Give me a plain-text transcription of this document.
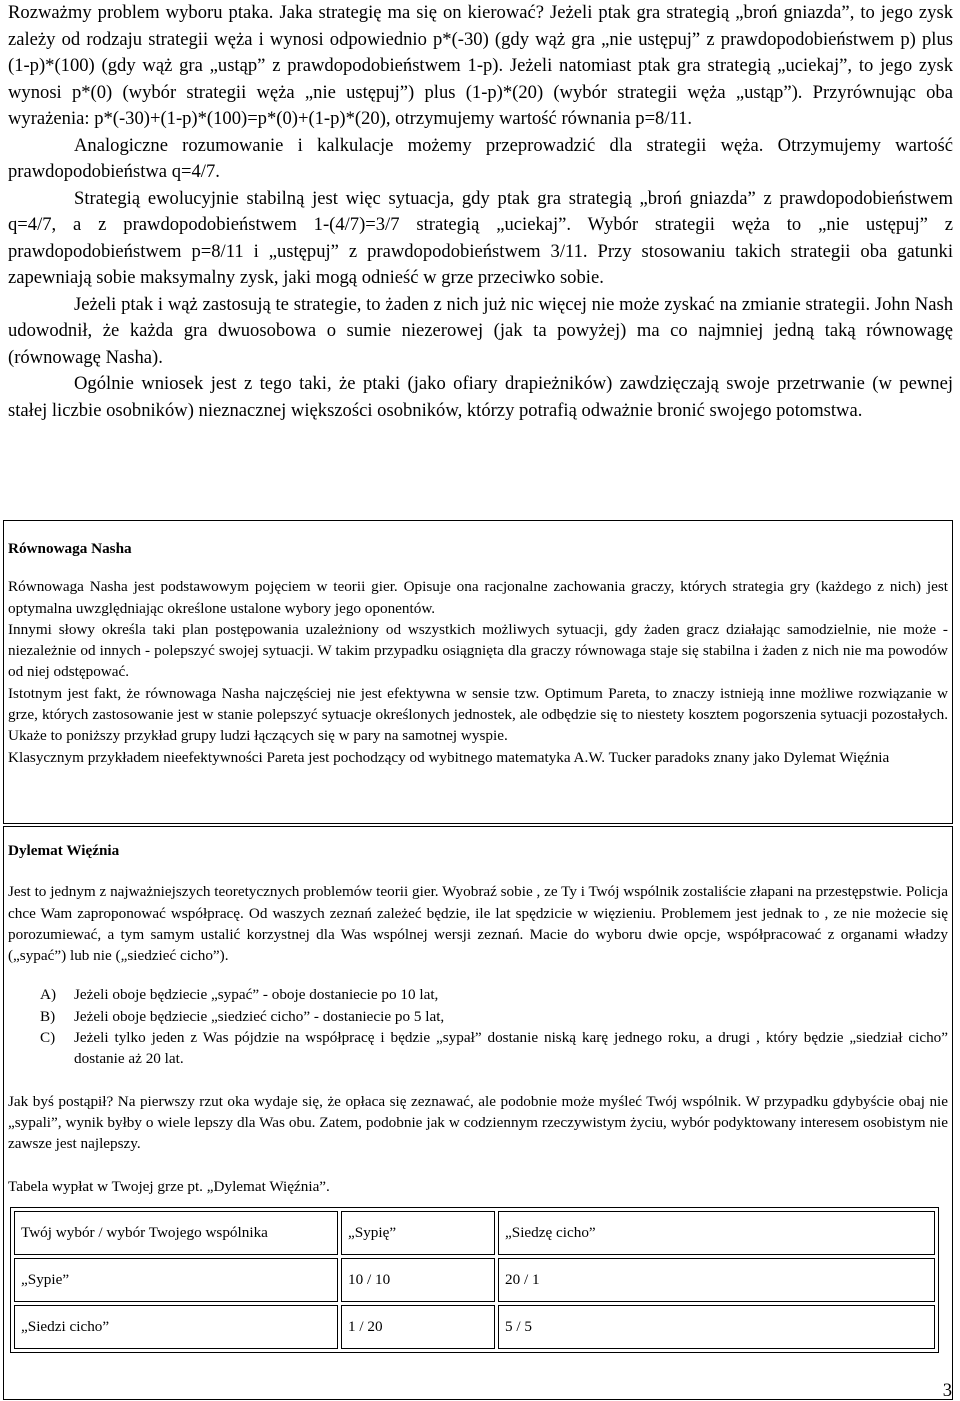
Rozważmy problem wyboru ptaka. Jaka strategię ma się on kierować? Jeżeli ptak gra strategią „broń gniazda”, to jego zysk zależy od rodzaju strategii węża i wynosi odpowiednio p*(-30) (gdy wąż gra „nie ustępuj” z prawdopodobieństwem p) plus (1-p)*(100) (gdy wąż gra „ustąp” z prawdopodobieństwem 1-p). Jeżeli natomiast ptak gra strategią „uciekaj”, to jego zysk wynosi p*(0) (wybór strategii węża „nie ustępuj”) plus (1-p)*(20) (wybór strategii węża „ustąp”). Przyrównując oba wyrażenia: p*(-30)+(1-p)*(100)=p*(0)+(1-p)*(20), otrzymujemy wartość równania p=8/11.

Analogiczne rozumowanie i kalkulacje możemy przeprowadzić dla strategii węża. Otrzymujemy wartość prawdopodobieństwa q=4/7.

Strategią ewolucyjnie stabilną jest więc sytuacja, gdy ptak gra strategią „broń gniazda” z prawdopodobieństwem q=4/7, a z prawdopodobieństwem 1-(4/7)=3/7 strategią „uciekaj”. Wybór strategii węża to „nie ustępuj” z prawdopodobieństwem p=8/11 i „ustępuj” z prawdopodobieństwem 3/11. Przy stosowaniu takich strategii oba gatunki zapewniają sobie maksymalny zysk, jaki mogą odnieść w grze przeciwko sobie.

Jeżeli ptak i wąż zastosują te strategie, to żaden z nich już nic więcej nie może zyskać na zmianie strategii. John Nash udowodnił, że każda gra dwuosobowa o sumie niezerowej (jak ta powyżej) ma co najmniej jedną taką równowagę (równowagę Nasha).

Ogólnie wniosek jest z tego taki, że ptaki (jako ofiary drapieżników) zawdzięczają swoje przetrwanie (w pewnej stałej liczbie osobników) nieznacznej większości osobników, którzy potrafią odważnie bronić swojego potomstwa.

Równowaga Nasha

Równowaga Nasha jest podstawowym pojęciem w teorii gier. Opisuje ona racjonalne zachowania graczy, których strategia gry (każdego z nich) jest optymalna uwzględniając określone ustalone wybory jego oponentów.

Innymi słowy określa taki plan postępowania uzależniony od wszystkich możliwych sytuacji, gdy żaden gracz działając samodzielnie, nie może - niezależnie od innych - polepszyć swojej sytuacji. W takim przypadku osiągnięta dla graczy równowaga staje się stabilna i żaden z nich nie ma powodów od niej odstępować.

Istotnym jest fakt, że równowaga Nasha najczęściej nie jest efektywna w sensie tzw. Optimum Pareta, to znaczy istnieją inne możliwe rozwiązanie w grze, których zastosowanie jest w stanie polepszyć sytuacje określonych jednostek, ale odbędzie się to niestety kosztem pogorszenia sytuacji pozostałych. Ukaże to poniższy przykład grupy ludzi łączących się w pary na samotnej wyspie.

Klasycznym przykładem nieefektywności Pareta jest pochodzący od wybitnego matematyka A.W. Tucker paradoks znany jako Dylemat Więźnia

Dylemat Więźnia

Jest to jednym z najważniejszych teoretycznych problemów teorii gier. Wyobraź sobie , ze Ty i Twój wspólnik zostaliście złapani na przestępstwie. Policja chce Wam zaproponować współpracę. Od waszych zeznań zależeć będzie, ile lat spędzicie w więzieniu. Problemem jest jednak to , ze nie możecie się porozumiewać, a tym samym ustalić korzystnej dla Was wspólnej wersji zeznań. Macie do wyboru dwie opcje, współpracować z organami władzy („sypać”) lub nie („siedzieć cicho”).

A) Jeżeli oboje będziecie „sypać” - oboje dostaniecie po 10 lat,
B) Jeżeli oboje będziecie „siedzieć cicho” - dostaniecie po 5 lat,
C) Jeżeli tylko jeden z Was pójdzie na współpracę i będzie „sypał” dostanie niską karę jednego roku, a drugi , który będzie „siedział cicho” dostanie aż 20 lat.

Jak byś postąpił? Na pierwszy rzut oka wydaje się, że opłaca się zeznawać, ale podobnie może myśleć Twój wspólnik. W przypadku gdybyście obaj nie „sypali”, wynik byłby o wiele lepszy dla Was obu. Zatem, podobnie jak w codziennym rzeczywistym życiu, wybór podyktowany interesem osobistym nie zawsze jest najlepszy.

Tabela wypłat w Twojej grze pt. „Dylemat Więźnia”.

Twój wybór / wybór Twojego wspólnika	„Sypię”	„Siedzę cicho”
„Sypie”	10 / 10	20 / 1
„Siedzi cicho”	1 / 20	5 / 5
3
